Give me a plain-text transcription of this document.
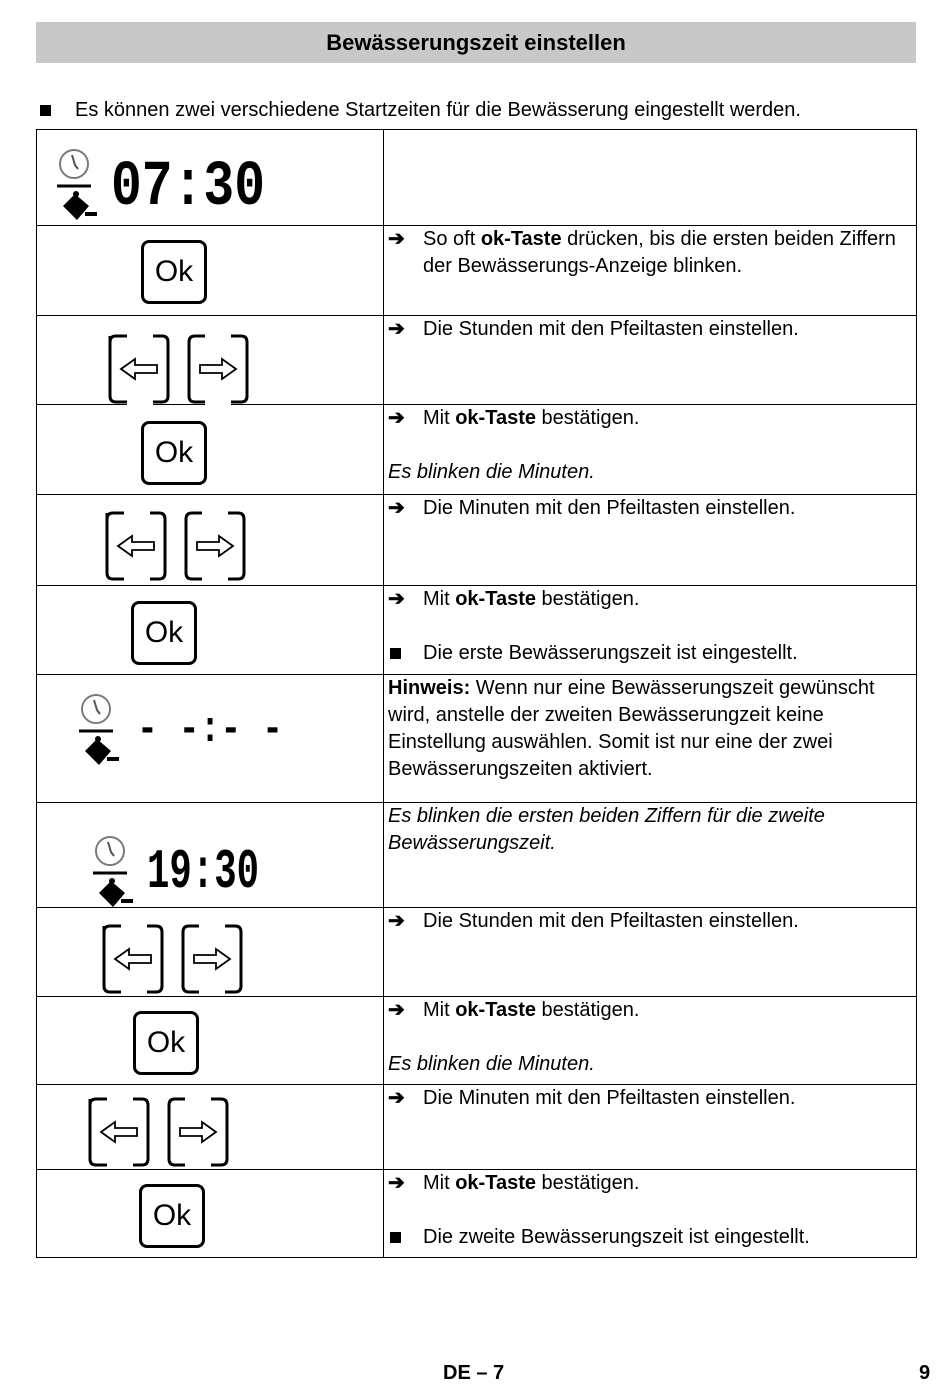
Bewässerungszeit einstellen
Es können zwei verschiedene Startzeiten für die Bewässerung eingestellt werden.
07:30	

Ok	➔ So oft ok-Taste drücken, bis die ersten beiden Ziffern der Bewässerungs-Anzeige blinken.

➔ Die Stunden mit den Pfeiltasten einstellen.

Ok	➔ Mit ok-Taste bestätigen.
Es blinken die Minuten.

➔ Die Minuten mit den Pfeiltasten einstellen.

Ok	➔ Mit ok-Taste bestätigen.
Die erste Bewässerungszeit ist eingestellt.

- -:- -	Hinweis: Wenn nur eine Bewässerungszeit gewünscht wird, anstelle der zweiten Bewässerungzeit keine Einstellung auswählen. Somit ist nur eine der zwei Bewässerungszeiten aktiviert.

19:30	Es blinken die ersten beiden Ziffern für die zweite Bewässerungszeit.

➔ Die Stunden mit den Pfeiltasten einstellen.

Ok	➔ Mit ok-Taste bestätigen.
Es blinken die Minuten.

➔ Die Minuten mit den Pfeiltasten einstellen.

Ok	➔ Mit ok-Taste bestätigen.
Die zweite Bewässerungszeit ist eingestellt.
DE – 7	9
